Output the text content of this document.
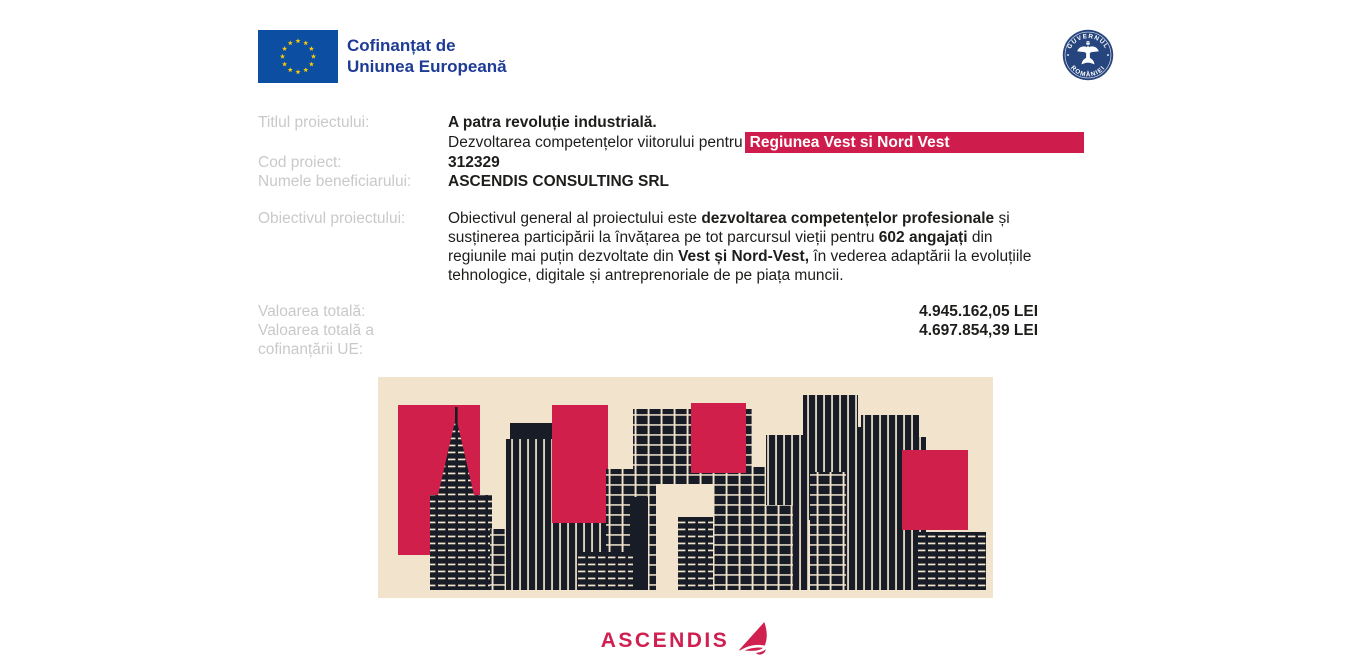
Cofinanțat de
Uniunea Europeană
GUVERNUL
ROMÂNIEI
Titlul proiectului:	A patra revoluție industrială.
Dezvoltarea competențelor viitorului pentru Regiunea Vest si Nord Vest
Cod proiect:	312329
Numele beneficiarului:	ASCENDIS CONSULTING SRL
Obiectivul proiectului:	Obiectivul general al proiectului este dezvoltarea competențelor profesionale și susținerea participării la învățarea pe tot parcursul vieții pentru 602 angajați din regiunile mai puțin dezvoltate din Vest și Nord-Vest, în vederea adaptării la evoluțiile tehnologice, digitale și antreprenoriale de pe piața muncii.
Valoarea totală:	4.945.162,05 LEI
Valoarea totală a cofinanțării UE:
4.697.854,39 LEI
ASCENDIS
